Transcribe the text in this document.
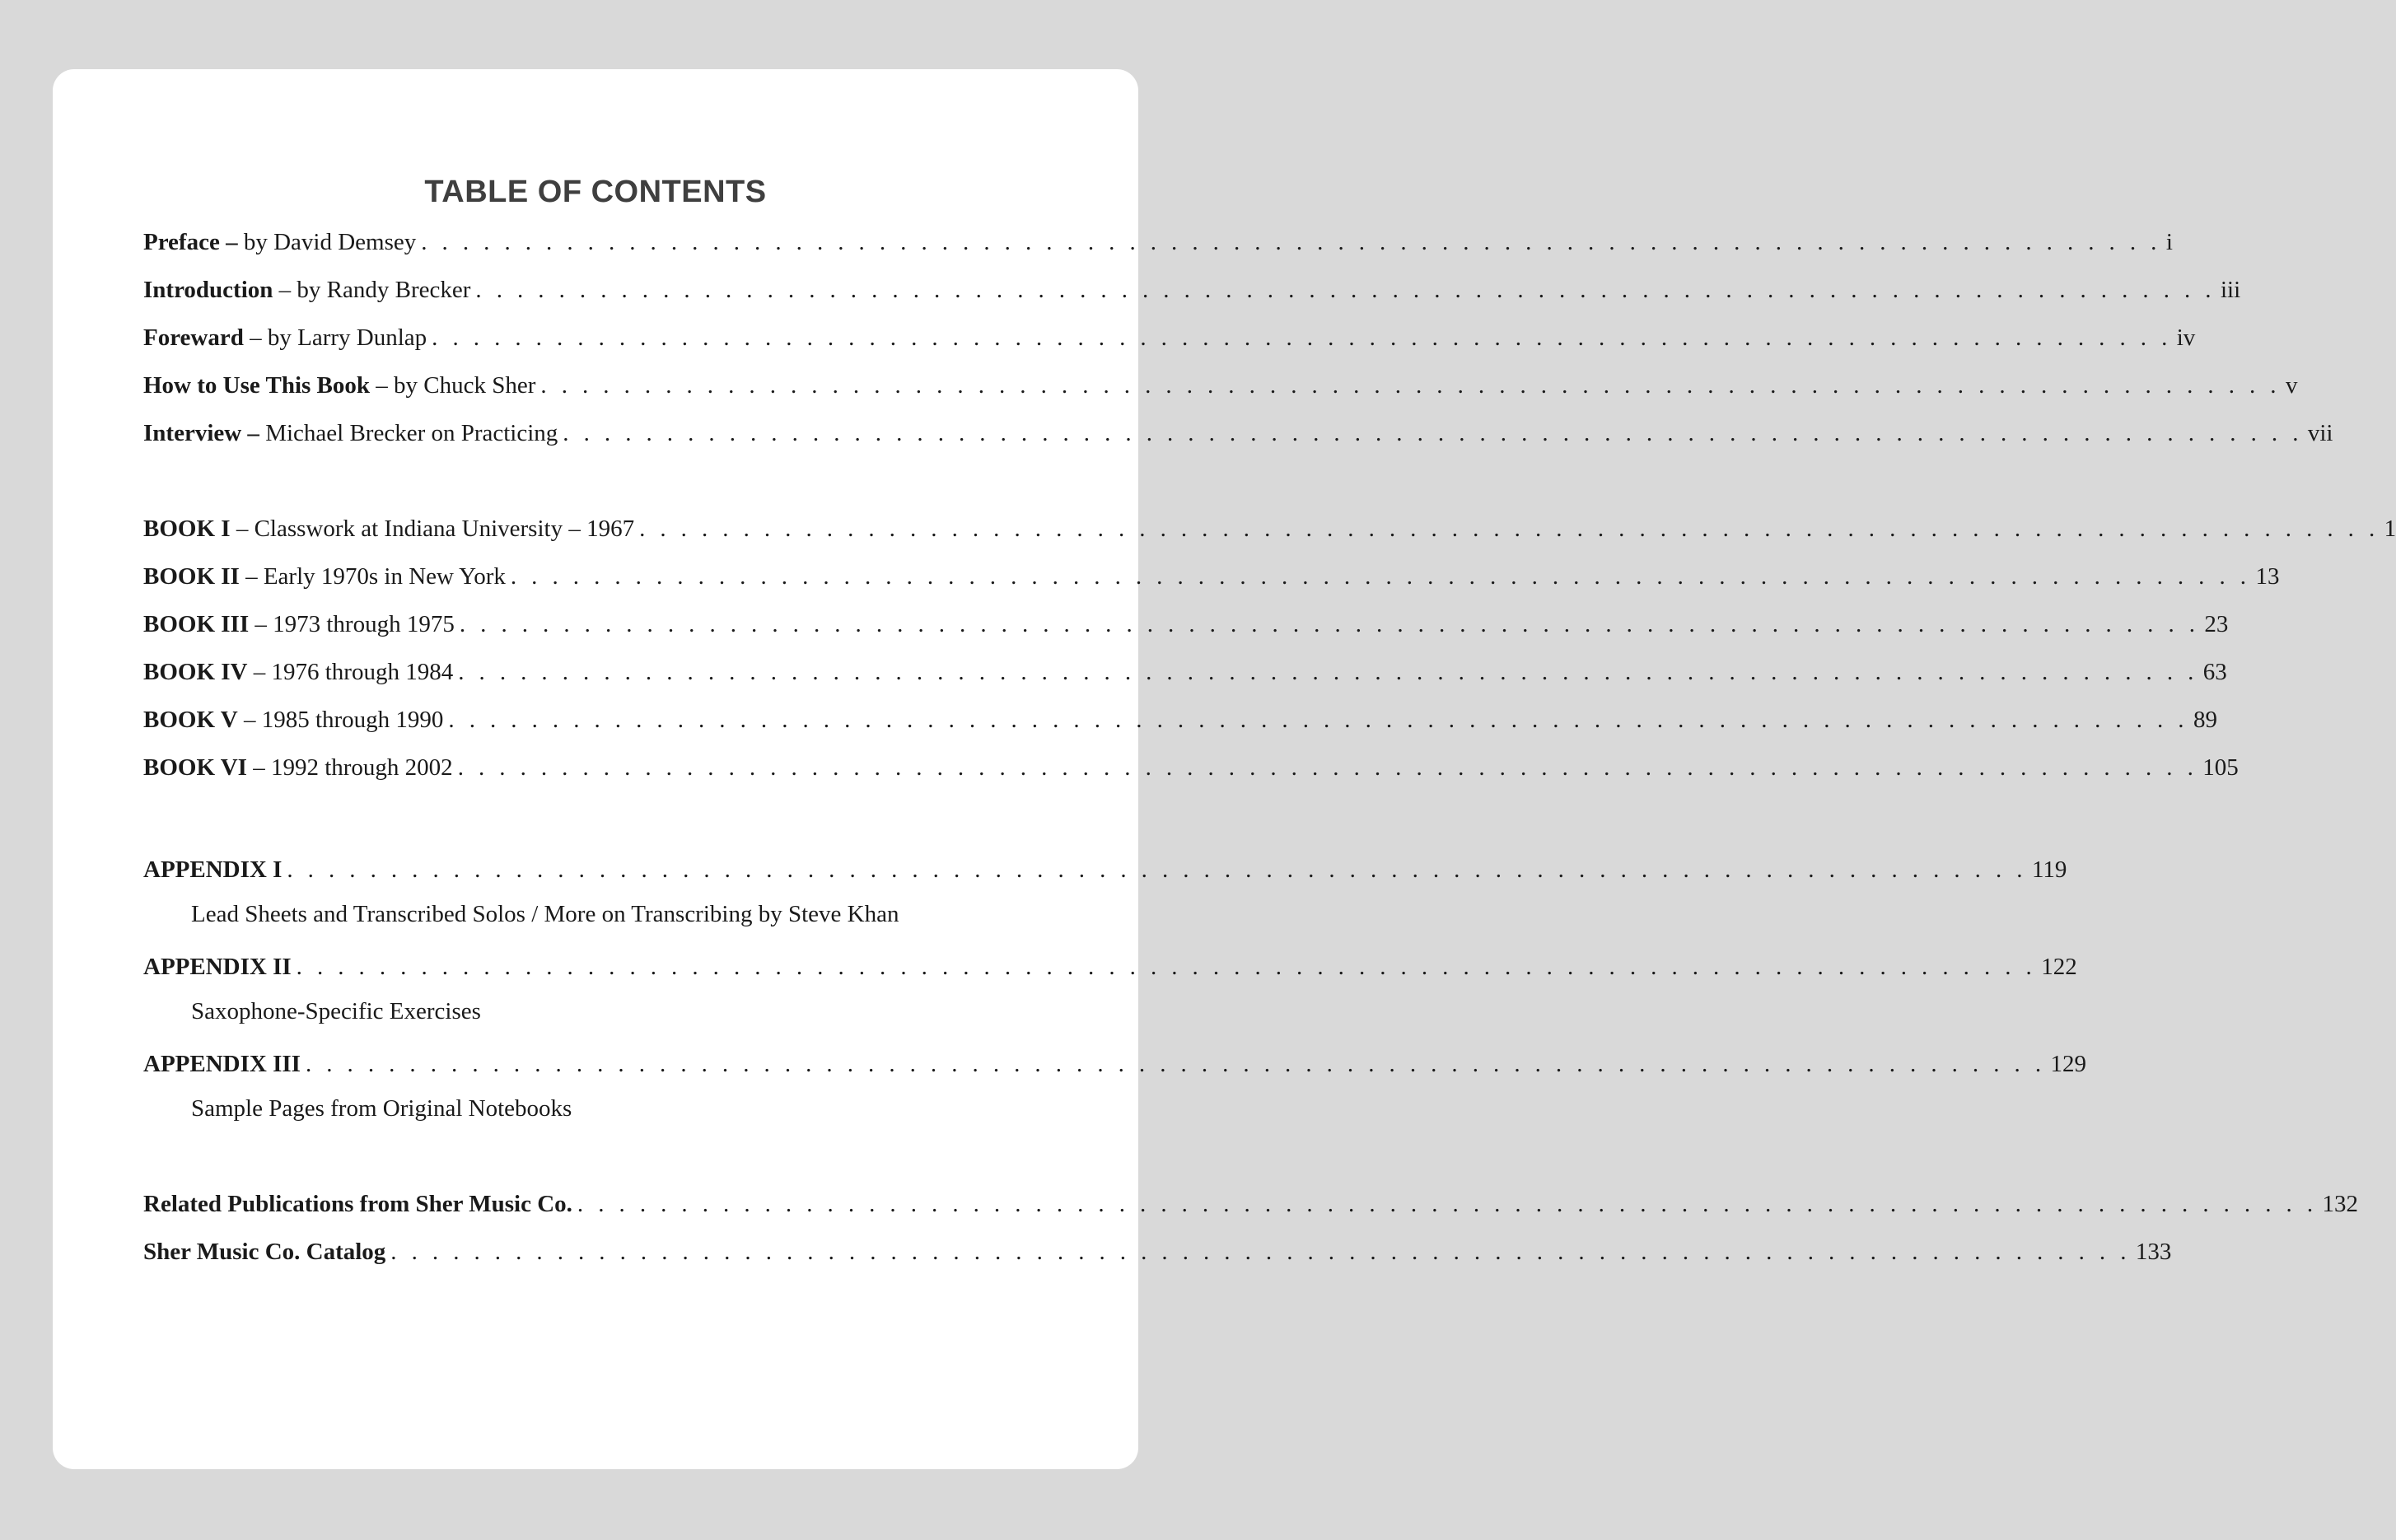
TABLE OF CONTENTS
Preface – by David Demsey . . . . . . . . . . . . . . . . . . . . . . . . . . . . . . . . . . . . . . . . . . . . . . . . . . . . . . . . . . . . . . . . . . . . . . . . . . . . . . . . . . . . i
Introduction – by Randy Brecker . . . . . . . . . . . . . . . . . . . . . . . . . . . . . . . . . . . . . . . . . . . . . . . . . . . . . . . . . . . . . . . . . . . . . . . . . . . . . . . . . . . . iii
Foreward – by Larry Dunlap . . . . . . . . . . . . . . . . . . . . . . . . . . . . . . . . . . . . . . . . . . . . . . . . . . . . . . . . . . . . . . . . . . . . . . . . . . . . . . . . . . . . iv
How to Use This Book – by Chuck Sher . . . . . . . . . . . . . . . . . . . . . . . . . . . . . . . . . . . . . . . . . . . . . . . . . . . . . . . . . . . . . . . . . . . . . . . . . . . . . . . . . . . . v
Interview – Michael Brecker on Practicing . . . . . . . . . . . . . . . . . . . . . . . . . . . . . . . . . . . . . . . . . . . . . . . . . . . . . . . . . . . . . . . . . . . . . . . . . . . . . . . . . . . . vii
BOOK I – Classwork at Indiana University – 1967 . . . . . . . . . . . . . . . . . . . . . . . . . . . . . . . . . . . . . . . . . . . . . . . . . . . . . . . . . . . . . . . . . . . . . . . . . . . . . . . . . . . . 1
BOOK II – Early 1970s in New York . . . . . . . . . . . . . . . . . . . . . . . . . . . . . . . . . . . . . . . . . . . . . . . . . . . . . . . . . . . . . . . . . . . . . . . . . . . . . . . . . . . . 13
BOOK III – 1973 through 1975 . . . . . . . . . . . . . . . . . . . . . . . . . . . . . . . . . . . . . . . . . . . . . . . . . . . . . . . . . . . . . . . . . . . . . . . . . . . . . . . . . . . . 23
BOOK IV – 1976 through 1984 . . . . . . . . . . . . . . . . . . . . . . . . . . . . . . . . . . . . . . . . . . . . . . . . . . . . . . . . . . . . . . . . . . . . . . . . . . . . . . . . . . . . 63
BOOK V – 1985 through 1990 . . . . . . . . . . . . . . . . . . . . . . . . . . . . . . . . . . . . . . . . . . . . . . . . . . . . . . . . . . . . . . . . . . . . . . . . . . . . . . . . . . . . 89
BOOK VI – 1992 through 2002 . . . . . . . . . . . . . . . . . . . . . . . . . . . . . . . . . . . . . . . . . . . . . . . . . . . . . . . . . . . . . . . . . . . . . . . . . . . . . . . . . . . . 105
APPENDIX I . . . . . . . . . . . . . . . . . . . . . . . . . . . . . . . . . . . . . . . . . . . . . . . . . . . . . . . . . . . . . . . . . . . . . . . . . . . . . . . . . . . . 119

Lead Sheets and Transcribed Solos / More on Transcribing by Steve Khan

APPENDIX II . . . . . . . . . . . . . . . . . . . . . . . . . . . . . . . . . . . . . . . . . . . . . . . . . . . . . . . . . . . . . . . . . . . . . . . . . . . . . . . . . . . . 122

Saxophone-Specific Exercises

APPENDIX III . . . . . . . . . . . . . . . . . . . . . . . . . . . . . . . . . . . . . . . . . . . . . . . . . . . . . . . . . . . . . . . . . . . . . . . . . . . . . . . . . . . . 129

Sample Pages from Original Notebooks

Related Publications from Sher Music Co. . . . . . . . . . . . . . . . . . . . . . . . . . . . . . . . . . . . . . . . . . . . . . . . . . . . . . . . . . . . . . . . . . . . . . . . . . . . . . . . . . . . . 132
Sher Music Co. Catalog . . . . . . . . . . . . . . . . . . . . . . . . . . . . . . . . . . . . . . . . . . . . . . . . . . . . . . . . . . . . . . . . . . . . . . . . . . . . . . . . . . . . 133
